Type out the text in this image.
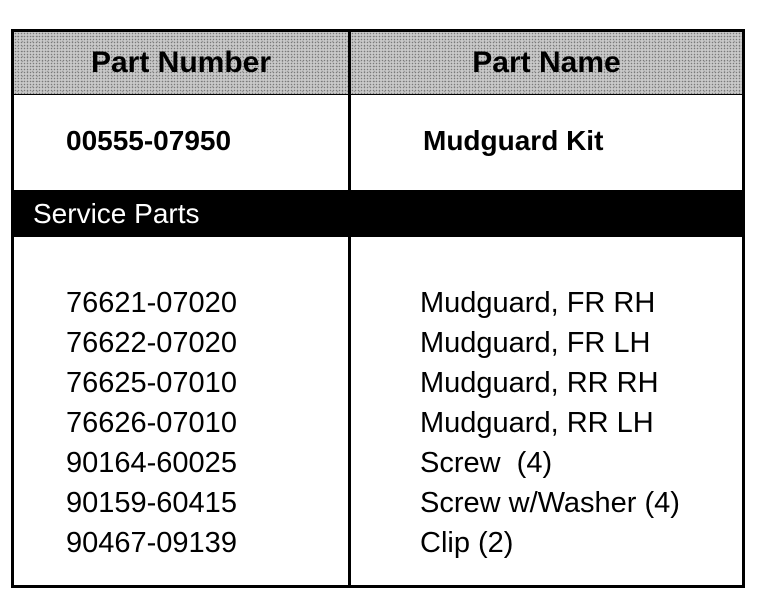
Part Number	Part Name
00555-07950	Mudguard Kit
Service Parts
76621-07020
76622-07020
76625-07010
76626-07010
90164-60025
90159-60415
90467-09139
Mudguard, FR RH
Mudguard, FR LH
Mudguard, RR RH
Mudguard, RR LH
Screw  (4)
Screw w/Washer (4)
Clip (2)
